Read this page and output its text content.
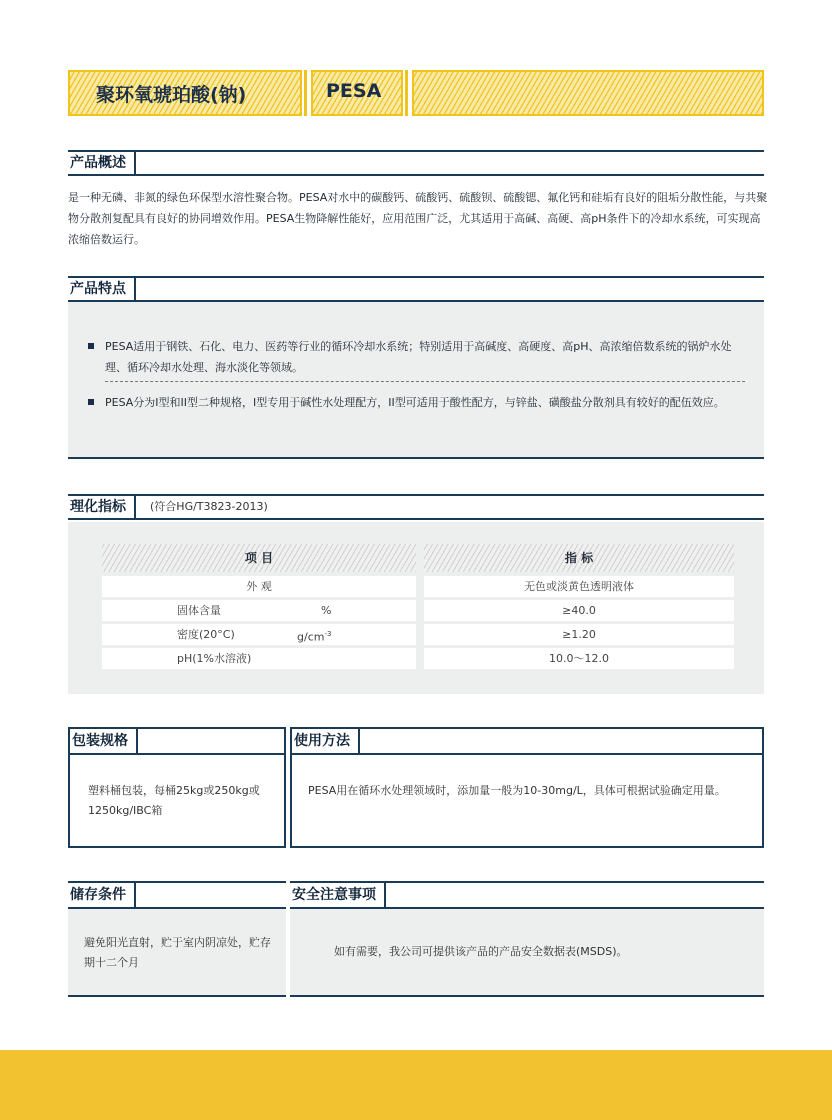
聚环氧琥珀酸(钠)	PESA
产品概述
是一种无磷、非氮的绿色环保型水溶性聚合物。PESA对水中的碳酸钙、硫酸钙、硫酸钡、硫酸锶、氟化钙和硅垢有良好的阻垢分散性能，与共聚物分散剂复配具有良好的协同增效作用。PESA生物降解性能好，应用范围广泛，尤其适用于高碱、高硬、高pH条件下的冷却水系统，可实现高浓缩倍数运行。
产品特点
PESA适用于钢铁、石化、电力、医药等行业的循环冷却水系统；特别适用于高碱度、高硬度、高pH、高浓缩倍数系统的锅炉水处理、循环冷却水处理、海水淡化等领域。
PESA分为I型和II型二种规格，I型专用于碱性水处理配方，II型可适用于酸性配方，与锌盐、磺酸盐分散剂具有较好的配伍效应。
理化指标	(符合HG/T3823-2013)
项 目	指 标
外 观	无色或淡黄色透明液体
固体含量	%	≥40.0
密度(20°C)	$g/cm^{-3}$	≥1.20
pH(1%水溶液)	10.0～12.0
包装规格
塑料桶包装，每桶25kg或250kg或1250kg/IBC箱
使用方法
PESA用在循环水处理领域时，添加量一般为10-30mg/L，具体可根据试验确定用量。
储存条件
避免阳光直射，贮于室内阴凉处，贮存期十二个月
安全注意事项
如有需要，我公司可提供该产品的产品安全数据表(MSDS)。
